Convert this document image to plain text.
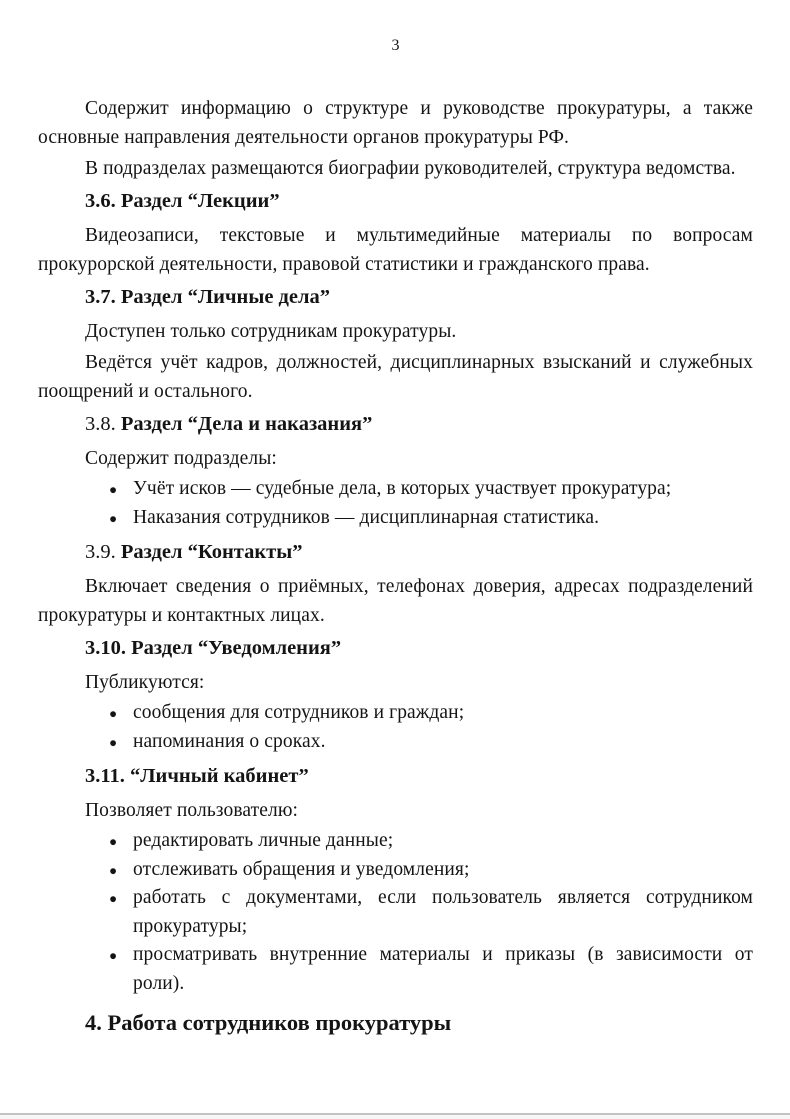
3

Содержит информацию о структуре и руководстве прокуратуры, а также основные направления деятельности органов прокуратуры РФ.

В подразделах размещаются биографии руководителей, структура ведомства.

3.6. Раздел “Лекции”

Видеозаписи, текстовые и мультимедийные материалы по вопросам прокурорской деятельности, правовой статистики и гражданского права.

3.7. Раздел “Личные дела”

Доступен только сотрудникам прокуратуры.

Ведётся учёт кадров, должностей, дисциплинарных взысканий и служебных поощрений и остального.

3.8. Раздел “Дела и наказания”

Содержит подразделы:

● Учёт исков — судебные дела, в которых участвует прокуратура;
● Наказания сотрудников — дисциплинарная статистика.
3.9. Раздел “Контакты”

Включает сведения о приёмных, телефонах доверия, адресах подразделений прокуратуры и контактных лицах.

3.10. Раздел “Уведомления”

Публикуются:

● сообщения для сотрудников и граждан;
● напоминания о сроках.
3.11. “Личный кабинет”

Позволяет пользователю:

● редактировать личные данные;
● отслеживать обращения и уведомления;
● работать с документами, если пользователь является сотрудником прокуратуры;
● просматривать внутренние материалы и приказы (в зависимости от роли).
4. Работа сотрудников прокуратуры
